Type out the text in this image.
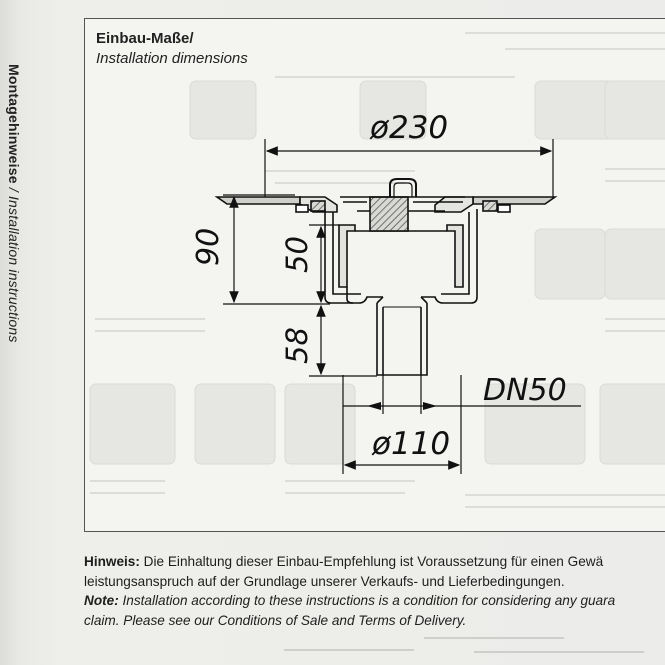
Montagehinweise / Installation instructions
Einbau-Maße/
Installation dimensions
ø230
90 50
58
DN50
ø110

Hinweis: Die Einhaltung dieser Einbau-Empfehlung ist Voraussetzung für einen Gewä

leistungsanspruch auf der Grundlage unserer Verkaufs- und Lieferbedingungen.

Note: Installation according to these instructions is a condition for considering any guara

claim. Please see our Conditions of Sale and Terms of Delivery.
